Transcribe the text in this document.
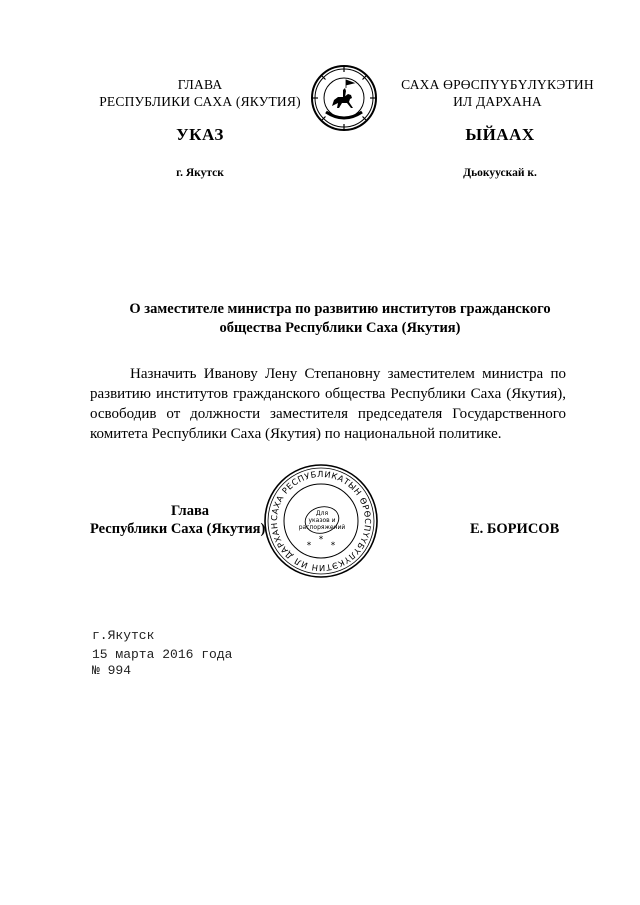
ГЛАВА
РЕСПУБЛИКИ САХА (ЯКУТИЯ)
САХА ӨРӨСПҮҮБҮЛҮКЭТИН
ИЛ ДАРХАНА
УКАЗ	ЫЙААХ
г. Якутск	Дьокуускай к.
О заместителе министра по развитию институтов гражданского
общества Республики Саха (Якутия)
Назначить Иванову Лену Степановну заместителем министра по развитию институтов гражданского общества Республики Саха (Якутия), освободив от должности заместителя председателя Государственного комитета Республики Саха (Якутия) по национальной политике.
Глава
Республики Саха (Якутия)	Е. БОРИСОВ
САХА РЕСПУБЛИКАТЫН ӨРӨСПҮҮБҮЛҮКЭТИН ИЛ ДАРХАН
*
* *
Для
указов и
распоряжений
г.Якутск
15 марта 2016 года
№ 994
